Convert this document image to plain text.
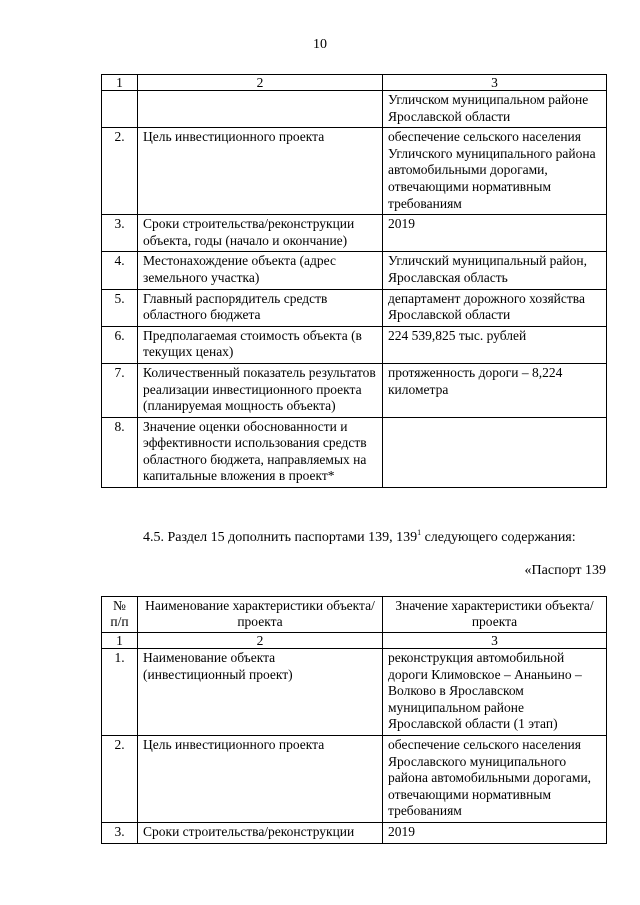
10
1	2	3
		Угличском муниципальном районе Ярославской области
2.	Цель инвестиционного проекта	обеспечение сельского населения Угличского муниципального района автомобильными дорогами, отвечающими нормативным требованиям
3.	Сроки строительства/реконструкции объекта, годы (начало и окончание)	2019
4.	Местонахождение объекта (адрес земельного участка)	Угличский муниципальный район, Ярославская область
5.	Главный распорядитель средств областного бюджета	департамент дорожного хозяйства Ярославской области
6.	Предполагаемая стоимость объекта (в текущих ценах)	224 539,825 тыс. рублей
7.	Количественный показатель результатов реализации инвестиционного проекта (планируемая мощность объекта)	протяженность дороги – 8,224 километра
8.	Значение оценки обоснованности и эффективности использования средств областного бюджета, направляемых на капитальные вложения в проект*	
4.5. Раздел 15 дополнить паспортами 139, $139^1$ следующего содержания:
«Паспорт 139
№ п/п	Наименование характеристики объекта/проекта	Значение характеристики объекта/проекта
1	2	3
1.	Наименование объекта (инвестиционный проект)	реконструкция автомобильной дороги Климовское – Ананьино – Волково в Ярославском муниципальном районе Ярославской области (1 этап)
2.	Цель инвестиционного проекта	обеспечение сельского населения Ярославского муниципального района автомобильными дорогами, отвечающими нормативным требованиям
3.	Сроки строительства/реконструкции	2019
